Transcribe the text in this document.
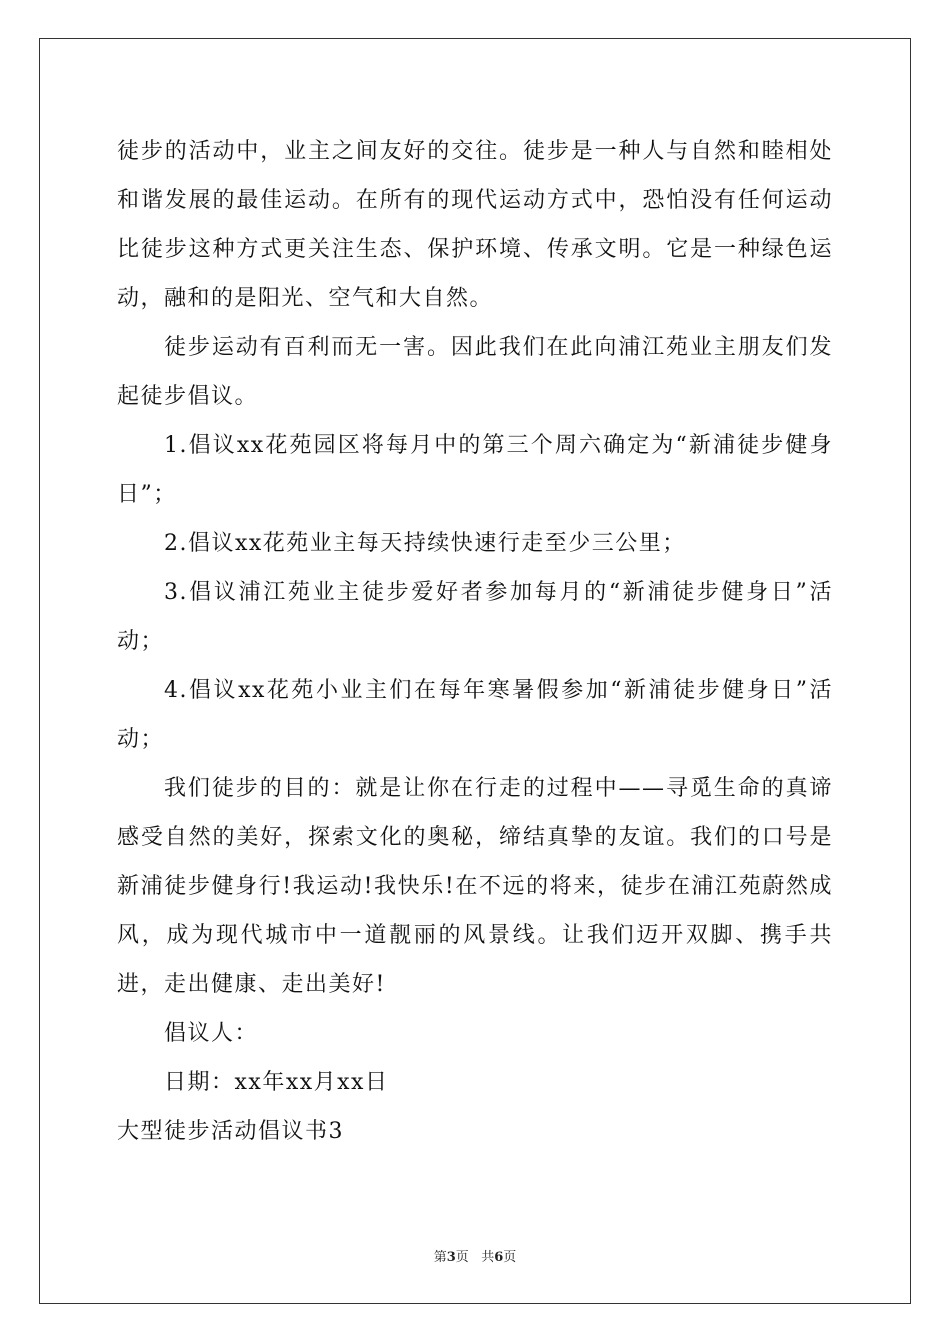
徒步的活动中，业主之间友好的交往。徒步是一种人与自然和睦相处和谐发展的最佳运动。在所有的现代运动方式中，恐怕没有任何运动比徒步这种方式更关注生态、保护环境、传承文明。它是一种绿色运动，融和的是阳光、空气和大自然。

徒步运动有百利而无一害。因此我们在此向浦江苑业主朋友们发起徒步倡议。

1.倡议xx花苑园区将每月中的第三个周六确定为“新浦徒步健身日”；

2.倡议xx花苑业主每天持续快速行走至少三公里；

3.倡议浦江苑业主徒步爱好者参加每月的“新浦徒步健身日”活动；

4.倡议xx花苑小业主们在每年寒暑假参加“新浦徒步健身日”活动；

我们徒步的目的：就是让你在行走的过程中——寻觅生命的真谛感受自然的美好，探索文化的奥秘，缔结真挚的友谊。我们的口号是新浦徒步健身行!我运动!我快乐!在不远的将来，徒步在浦江苑蔚然成风，成为现代城市中一道靓丽的风景线。让我们迈开双脚、携手共进，走出健康、走出美好!

倡议人：

日期：xx年xx月xx日

大型徒步活动倡议书3

第3页 共6页
